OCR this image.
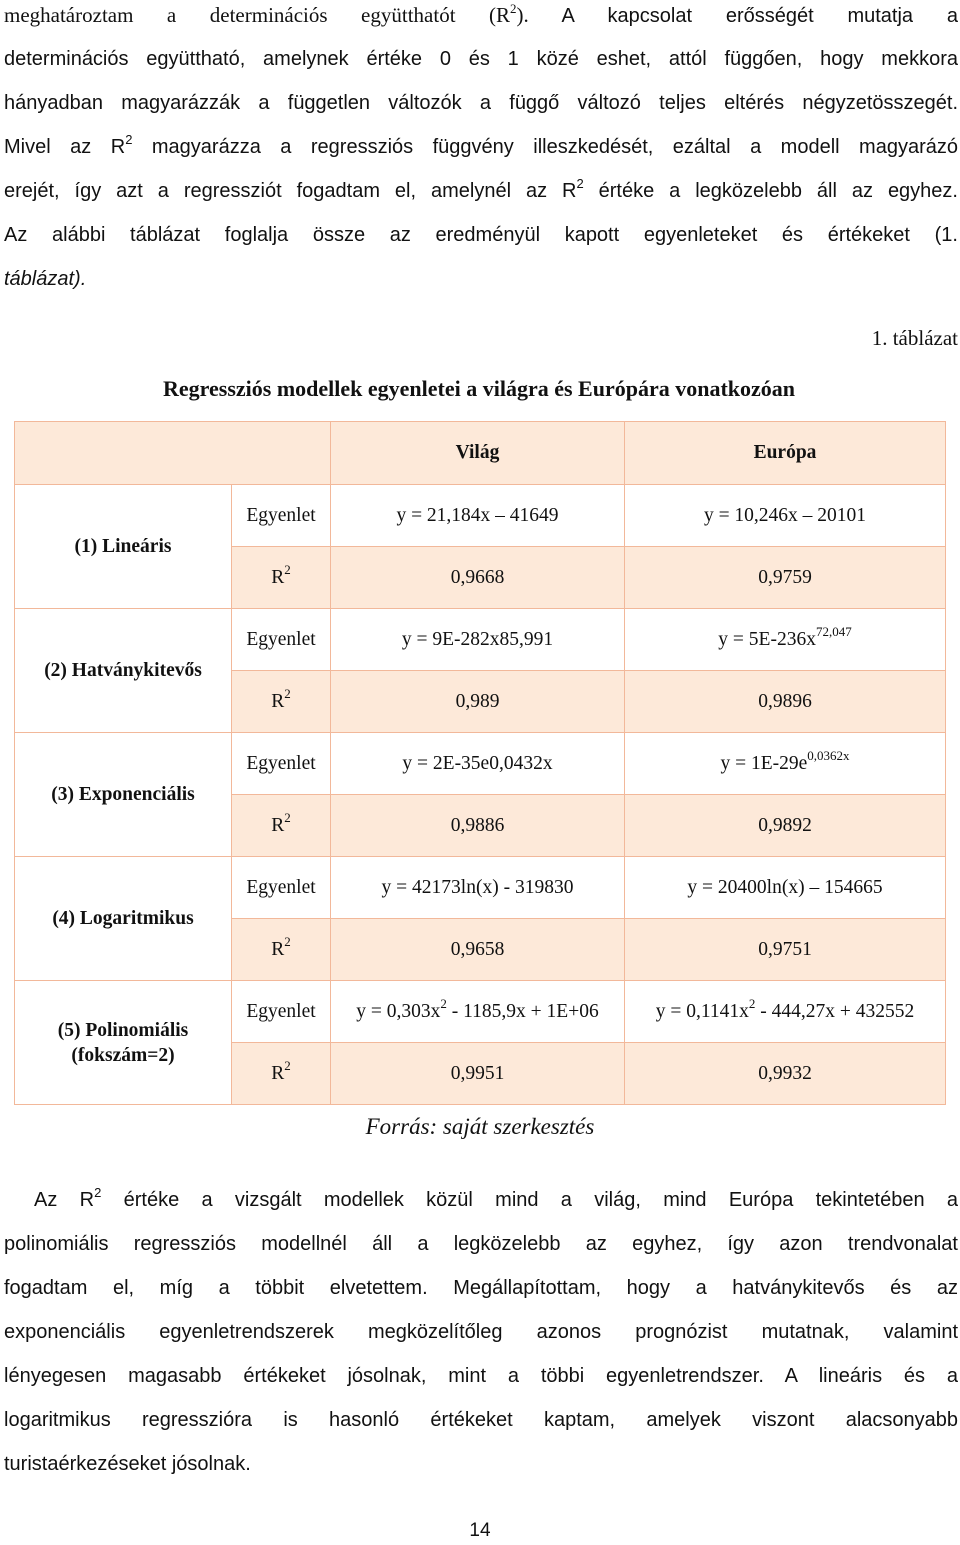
meghatároztam a determinációs együtthatót $(R^2)$. A kapcsolat erősségét mutatja a
determinációs együttható, amelynek értéke 0 és 1 közé eshet, attól függően, hogy mekkora
hányadban magyarázzák a független változók a függő változó teljes eltérés négyzetösszegét.
Mivel az $R^2$ magyarázza a regressziós függvény illeszkedését, ezáltal a modell magyarázó
erejét, így azt a regressziót fogadtam el, amelynél az $R^2$ értéke a legközelebb áll az egyhez.
Az alábbi táblázat foglalja össze az eredményül kapott egyenleteket és értékeket (1.
táblázat).
1. táblázat
Regressziós modellek egyenletei a világra és Európára vonatkozóan
		Világ	Európa
(1) Lineáris	Egyenlet	y = 21,184x – 41649	y = 10,246x – 20101
	$R^2$	0,9668	0,9759
(2) Hatványkitevős	Egyenlet	y = 9E-282x85,991	$y = 5E-236x^{72,047}$
	$R^2$	0,989	0,9896
(3) Exponenciális	Egyenlet	y = 2E-35e0,0432x	$y = 1E-29e^{0,0362x}$
	$R^2$	0,9886	0,9892
(4) Logaritmikus	Egyenlet	y = 42173ln(x) - 319830	y = 20400ln(x) – 154665
	$R^2$	0,9658	0,9751
(5) Polinomiális
(fokszám=2)	Egyenlet	$y = 0,303x^2 - 1185,9x + 1E+06$	$y = 0,1141x^2 - 444,27x + 432552$
	$R^2$	0,9951	0,9932
Forrás: saját szerkesztés
Az $R^2$ értéke a vizsgált modellek közül mind a világ, mind Európa tekintetében a
polinomiális regressziós modellnél áll a legközelebb az egyhez, így azon trendvonalat
fogadtam el, míg a többit elvetettem. Megállapítottam, hogy a hatványkitevős és az
exponenciális egyenletrendszerek megközelítőleg azonos prognózist mutatnak, valamint
lényegesen magasabb értékeket jósolnak, mint a többi egyenletrendszer. A lineáris és a
logaritmikus regresszióra is hasonló értékeket kaptam, amelyek viszont alacsonyabb
turistaérkezéseket jósolnak.
14
